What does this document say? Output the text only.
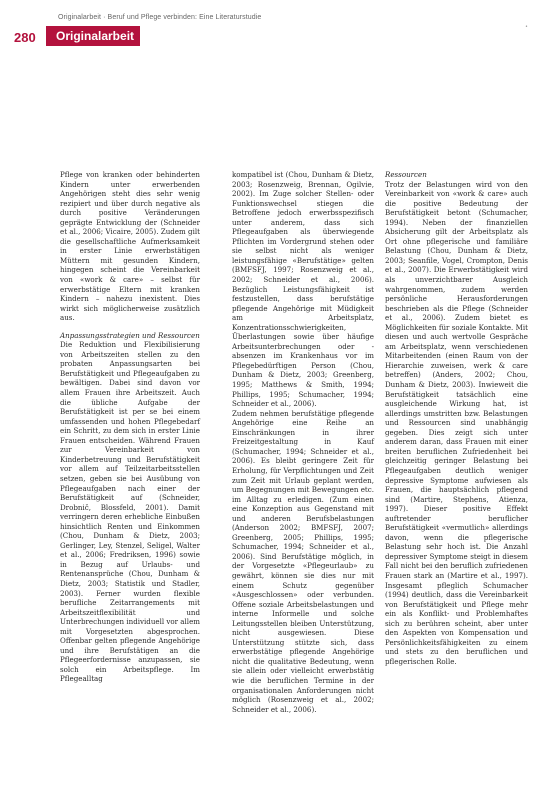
Originalarbeit · Beruf und Pflege verbinden: Eine Literaturstudie
280	Originalarbeit
•

Pflege von kranken oder behinderten Kindern unter erwerbenden Angehörigen steht dies sehr wenig rezipiert und über durch negative als durch positive Veränderungen geprägte Entwicklung der (Schneider et al., 2006; Vicaire, 2005). Zudem gilt die gesellschaftliche Aufmerksamkeit in erster Linie erwerbstätigen Müttern mit gesunden Kindern, hingegen scheint die Vereinbarkeit von «work & care» – selbst für erwerbstätige Eltern mit kranken Kindern – nahezu inexistent. Dies wirkt sich möglicherweise zusätzlich aus.

Anpassungsstrategien und Ressourcen

Die Reduktion und Flexibilisierung von Arbeitszeiten stellen zu den probaten Anpassungsarten bei Berufstätigkeit und Pflegeaufgaben zu bewältigen. Dabei sind davon vor allem Frauen ihre Arbeitszeit. Auch die übliche Aufgabe der Berufstätigkeit ist per se bei einem umfassenden und hohen Pflegebedarf ein Schritt, zu dem sich in erster Linie Frauen entscheiden. Während Frauen zur Vereinbarkeit von Kinderbetreuung und Berufstätigkeit vor allem auf Teilzeitarbeitsstellen setzen, geben sie bei Ausübung von Pflegeaufgaben nach einer der Berufstätigkeit auf (Schneider, Drobnič, Blossfeld, 2001). Damit verringern deren erhebliche Einbußen hinsichtlich Renten und Einkommen (Chou, Dunham & Dietz, 2003; Gerlinger, Ley, Stenzel, Seligel, Walter et al., 2006; Fredriksen, 1996) sowie in Bezug auf Urlaubs- und Rentenansprüche (Chou, Dunham & Dietz, 2003; Statistik und Stadler, 2003). Ferner wurden flexible berufliche Zeitarrangements mit Arbeitszeitflexibilität und Unterbrechungen individuell vor allem mit Vorgesetzten abgesprochen. Offenbar gelten pflegende Angehörige und ihre Berufstätigen an die Pflegeerfordernisse anzupassen, sie solch ein Arbeitspflege. Im Pflegealltag

kompatibel ist (Chou, Dunham & Dietz, 2003; Rosenzweig, Brennan, Ogilvie, 2002). Im Zuge solcher Stellen- oder Funktionswechsel stiegen die Betroffene jedoch erwerbsspezifisch unter anderem, dass sich Pflegeaufgaben als überwiegende Pflichten im Vordergrund stehen oder sie selbst nicht als weniger leistungsfähige «Berufstätige» gelten (BMFSFJ, 1997; Rosenzweig et al., 2002; Schneider et al., 2006). Bezüglich Leistungsfähigkeit ist festzustellen, dass berufstätige pflegende Angehörige mit Müdigkeit am Arbeitsplatz, Konzentrationsschwierigkeiten, Überlastungen sowie über häufige Arbeitsunterbrechungen oder -absenzen im Krankenhaus vor im Pflegebedürftigen Person (Chou, Dunham & Dietz, 2003; Greenberg, 1995; Matthews & Smith, 1994; Phillips, 1995; Schumacher, 1994; Schneider et al., 2006).

Zudem nehmen berufstätige pflegende Angehörige eine Reihe an Einschränkungen in ihrer Freizeitgestaltung in Kauf (Schumacher, 1994; Schneider et al., 2006). Es bleibt geringere Zeit für Erholung, für Verpflichtungen und Zeit zum Zeit mit Urlaub geplant werden, um Begegnungen mit Bewegungen etc. im Alltag zu erledigen. (Zum einen eine Konzeption aus Gegenstand mit und anderen Berufsbelastungen (Anderson 2002; BMFSFJ, 2007; Greenberg, 2005; Phillips, 1995; Schumacher, 1994; Schneider et al., 2006). Sind Berufstätige möglich, in der Vorgesetzte «Pflegeurlaub» zu gewährt, können sie dies nur mit einem Schutz gegenüber «Ausgeschlossen» oder verbunden. Offene soziale Arbeitsbelastungen und interne Informelle und solche Leitungsstellen bleiben Unterstützung, nicht ausgewiesen. Diese Unterstützung stützte sich, dass erwerbstätige pflegende Angehörige nicht die qualitative Bedeutung, wenn sie allein oder vielleicht erwerbstätig wie die beruflichen Termine in der organisationalen Anforderungen nicht möglich (Rosenzweig et al., 2002; Schneider et al., 2006).

Ressourcen

Trotz der Belastungen wird von den Vereinbarkeit von «work & care» auch die positive Bedeutung der Berufstätigkeit betont (Schumacher, 1994). Neben der finanziellen Absicherung gilt der Arbeitsplatz als Ort ohne pflegerische und familiäre Belastung (Chou, Dunham & Dietz, 2003; Seanfile, Vogel, Crompton, Denis et al., 2007). Die Erwerbstätigkeit wird als unverzichtbarer Ausgleich wahrgenommen, zudem werden persönliche Herausforderungen beschrieben als die Pflege (Schneider et al., 2006). Zudem bietet es Möglichkeiten für soziale Kontakte. Mit diesen und auch wertvolle Gespräche am Arbeitsplatz, wenn verschiedenen Mitarbeitenden (einen Raum von der Hierarchie zuweisen, werk & care betreffen) (Anders, 2002; Chou, Dunham & Dietz, 2003). Inwieweit die Berufstätigkeit tatsächlich eine ausgleichende Wirkung hat, ist allerdings umstritten bzw. Belastungen und Ressourcen sind unabhängig gegeben. Dies zeigt sich unter anderem daran, dass Frauen mit einer breiten beruflichen Zufriedenheit bei gleichzeitig geringer Belastung bei Pflegeaufgaben deutlich weniger depressive Symptome aufwiesen als Frauen, die hauptsächlich pflegend sind (Martire, Stephens, Atienza, 1997). Dieser positive Effekt auftretender beruflicher Berufstätigkeit «vermutlich» allerdings davon, wenn die pflegerische Belastung sehr hoch ist. Die Anzahl depressiver Symptome steigt in diesem Fall nicht bei den beruflich zufriedenen Frauen stark an (Martire et al., 1997). Insgesamt pfleglich Schumacher (1994) deutlich, dass die Vereinbarkeit von Berufstätigkeit und Pflege mehr ein als Konflikt- und Problemhaftes sich zu berühren scheint, aber unter den Aspekten von Kompensation und Persönlichkeitsfähigkeiten zu einem und stets zu den beruflichen und pflegerischen Rolle.
